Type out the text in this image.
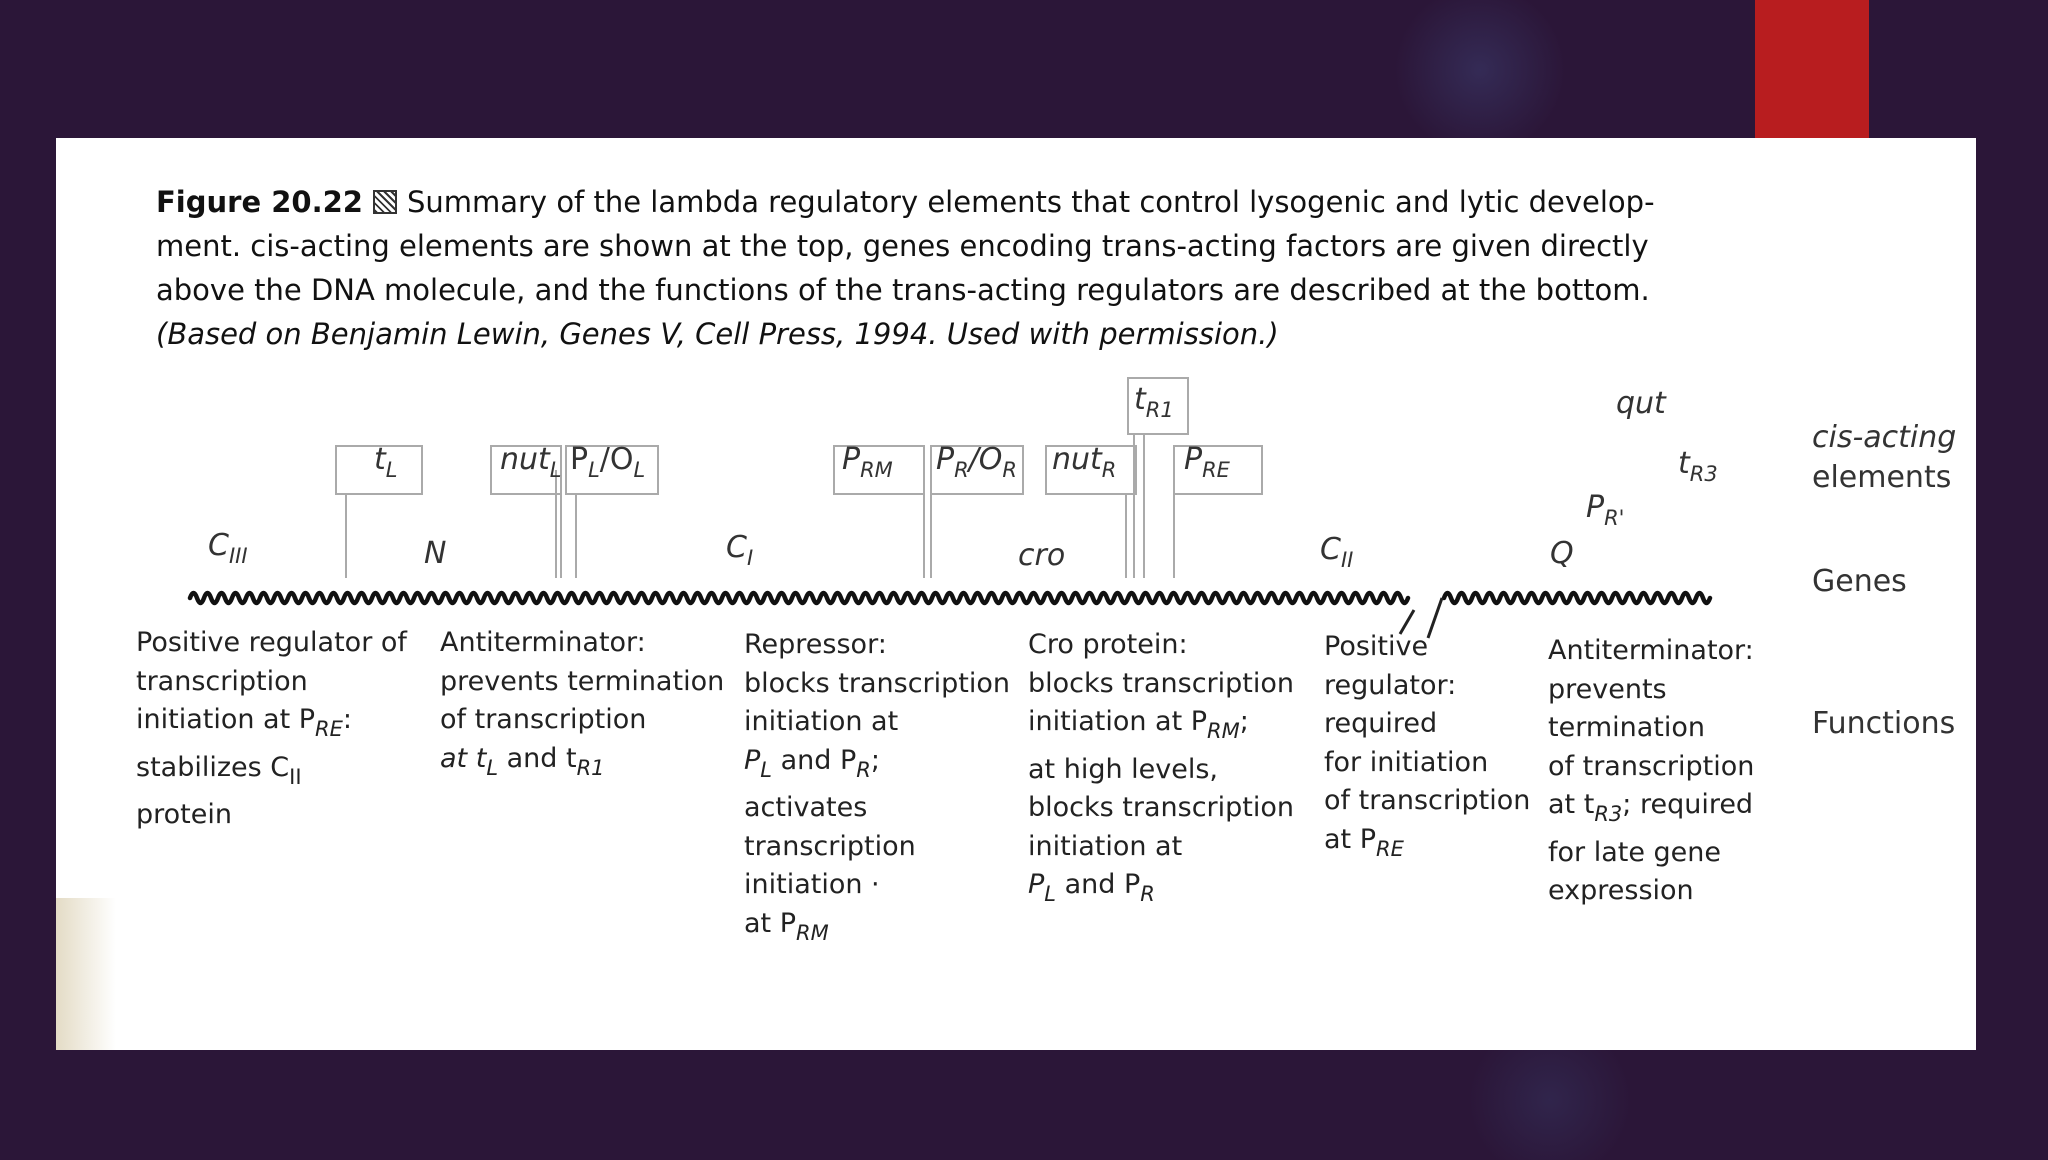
Figure 20.22 Summary of the lambda regulatory elements that control lysogenic and lytic develop-

ment. cis-acting elements are shown at the top, genes encoding trans-acting factors are given directly

above the DNA molecule, and the functions of the trans-acting regulators are described at the bottom.

(Based on Benjamin Lewin, Genes V, Cell Press, 1994. Used with permission.)

$t_L$	nut$_L$ $P_L/O_L$	$P_{RM}$ $P_R/O_R$ nut$_R$
$t_{R1}$
$P_{RE}$
qut
$t_{R3}$
$P_{R'}$
$C_{III}$	N	$C_I$	cro	$C_{II}$	Q
cis-acting
elements
Genes
Functions

Positive regulator of

transcription

initiation at $P_{RE}$:

stabilizes $C_{II}$

protein

Antiterminator:

prevents termination

of transcription

at $t_L$ and $t_{R1}$

Repressor:

blocks transcription

initiation at

$P_L$ and $P_R$;

activates

transcription

initiation ·

at $P_{RM}$

Cro protein:

blocks transcription

initiation at $P_{RM}$;

at high levels,

blocks transcription

initiation at

$P_L$ and $P_R$

Positive

regulator:

required

for initiation

of transcription

at $P_{RE}$

Antiterminator:

prevents

termination

of transcription

at $t_{R3}$; required

for late gene

expression
